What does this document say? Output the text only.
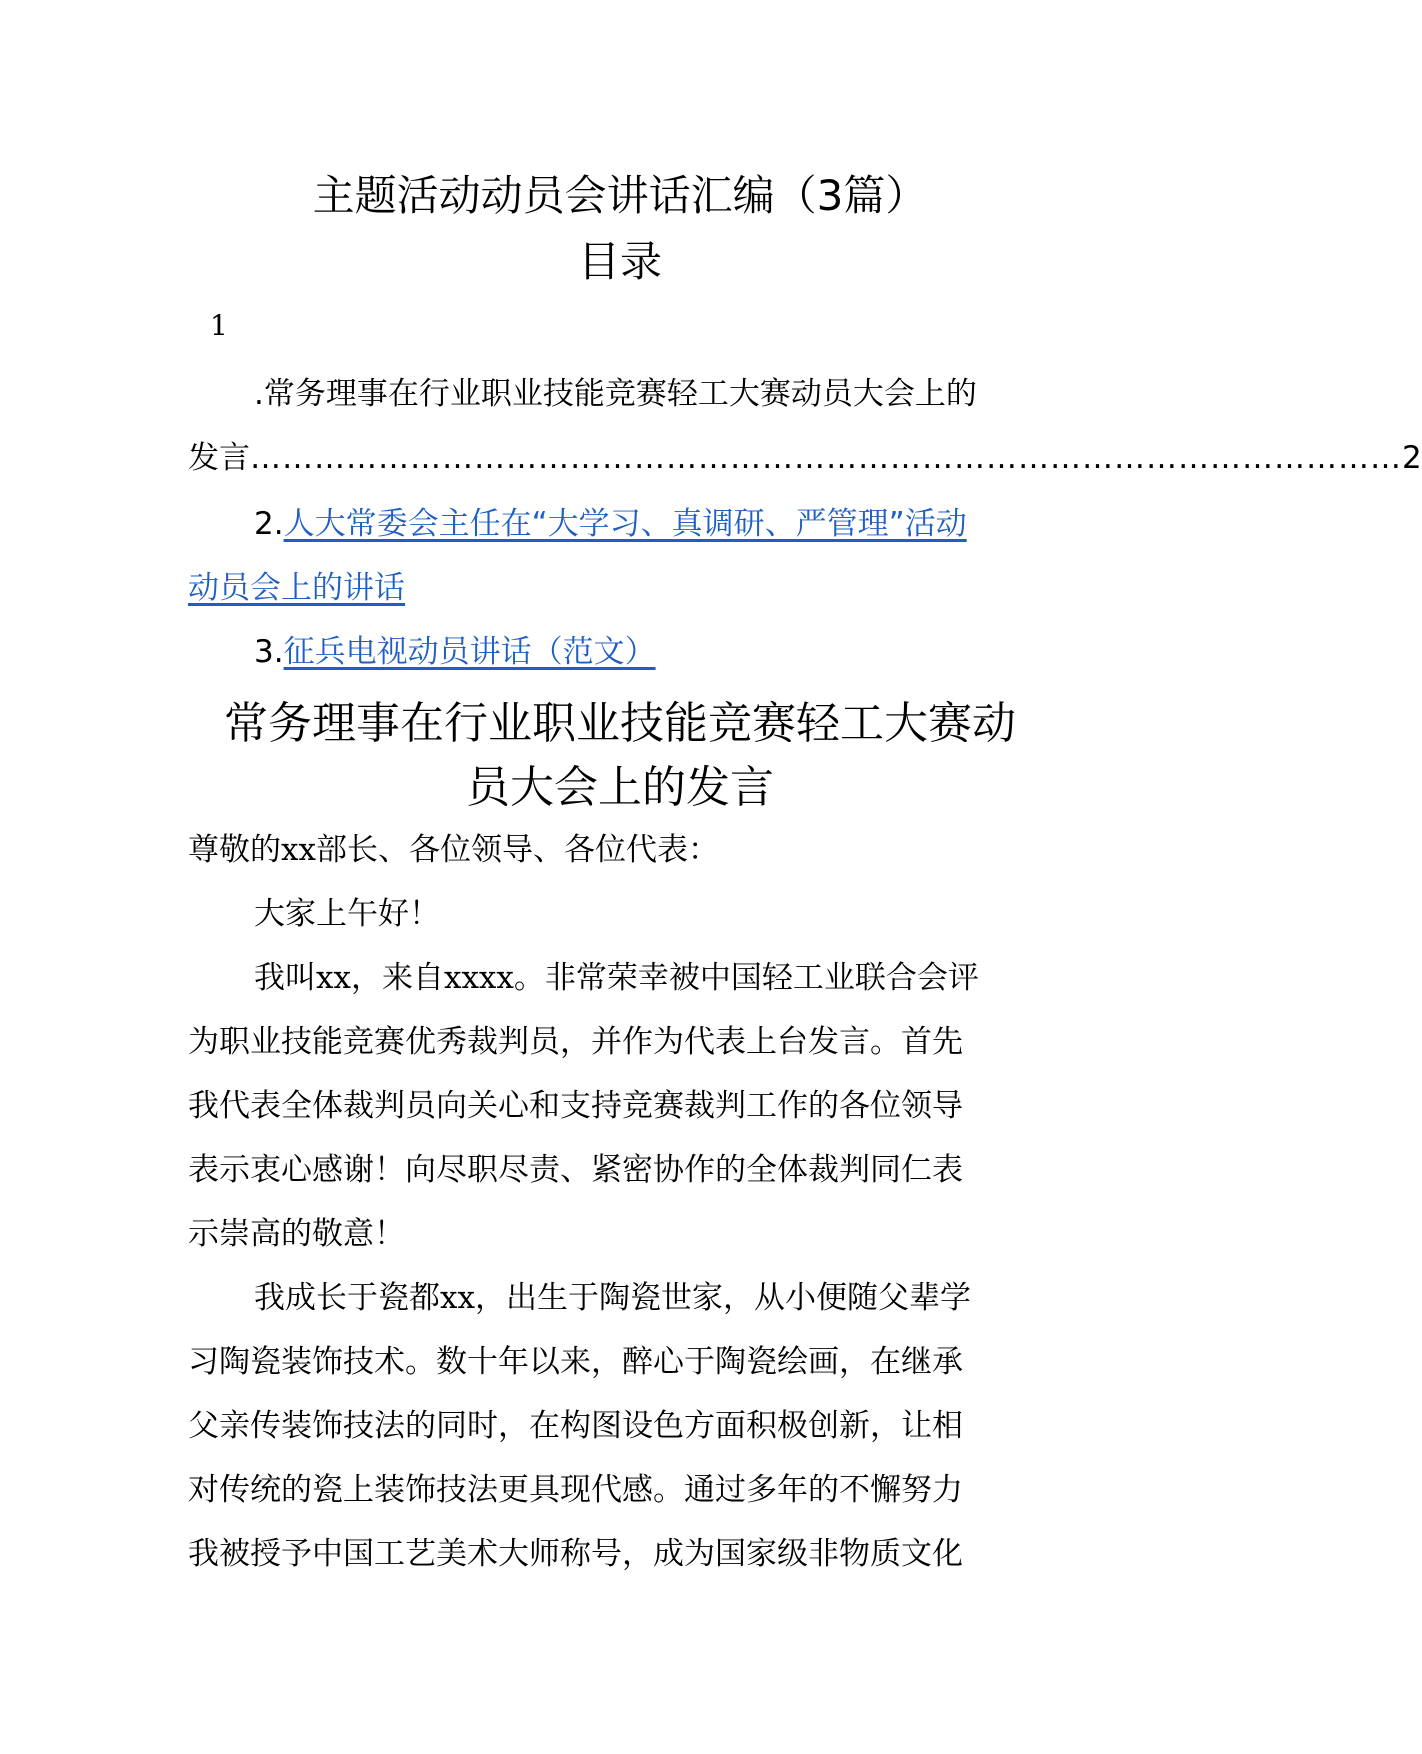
主题活动动员会讲话汇编（3篇）
目录
1
.常务理事在行业职业技能竞赛轻工大赛动员大会上的
发言 ……………………………………………………………………………………………… 2
2.人大常委会主任在“大学习、真调研、严管理”活动
动员会上的讲话
3.征兵电视动员讲话（范文）
常务理事在行业职业技能竞赛轻工大赛动
员大会上的发言
尊敬的xx部长、各位领导、各位代表：
大家上午好！
我叫xx，来自xxxx。非常荣幸被中国轻工业联合会评
为职业技能竞赛优秀裁判员，并作为代表上台发言。首先
我代表全体裁判员向关心和支持竞赛裁判工作的各位领导
表示衷心感谢！向尽职尽责、紧密协作的全体裁判同仁表
示崇高的敬意！
我成长于瓷都xx，出生于陶瓷世家，从小便随父辈学
习陶瓷装饰技术。数十年以来，醉心于陶瓷绘画，在继承
父亲传装饰技法的同时，在构图设色方面积极创新，让相
对传统的瓷上装饰技法更具现代感。通过多年的不懈努力
我被授予中国工艺美术大师称号，成为国家级非物质文化
